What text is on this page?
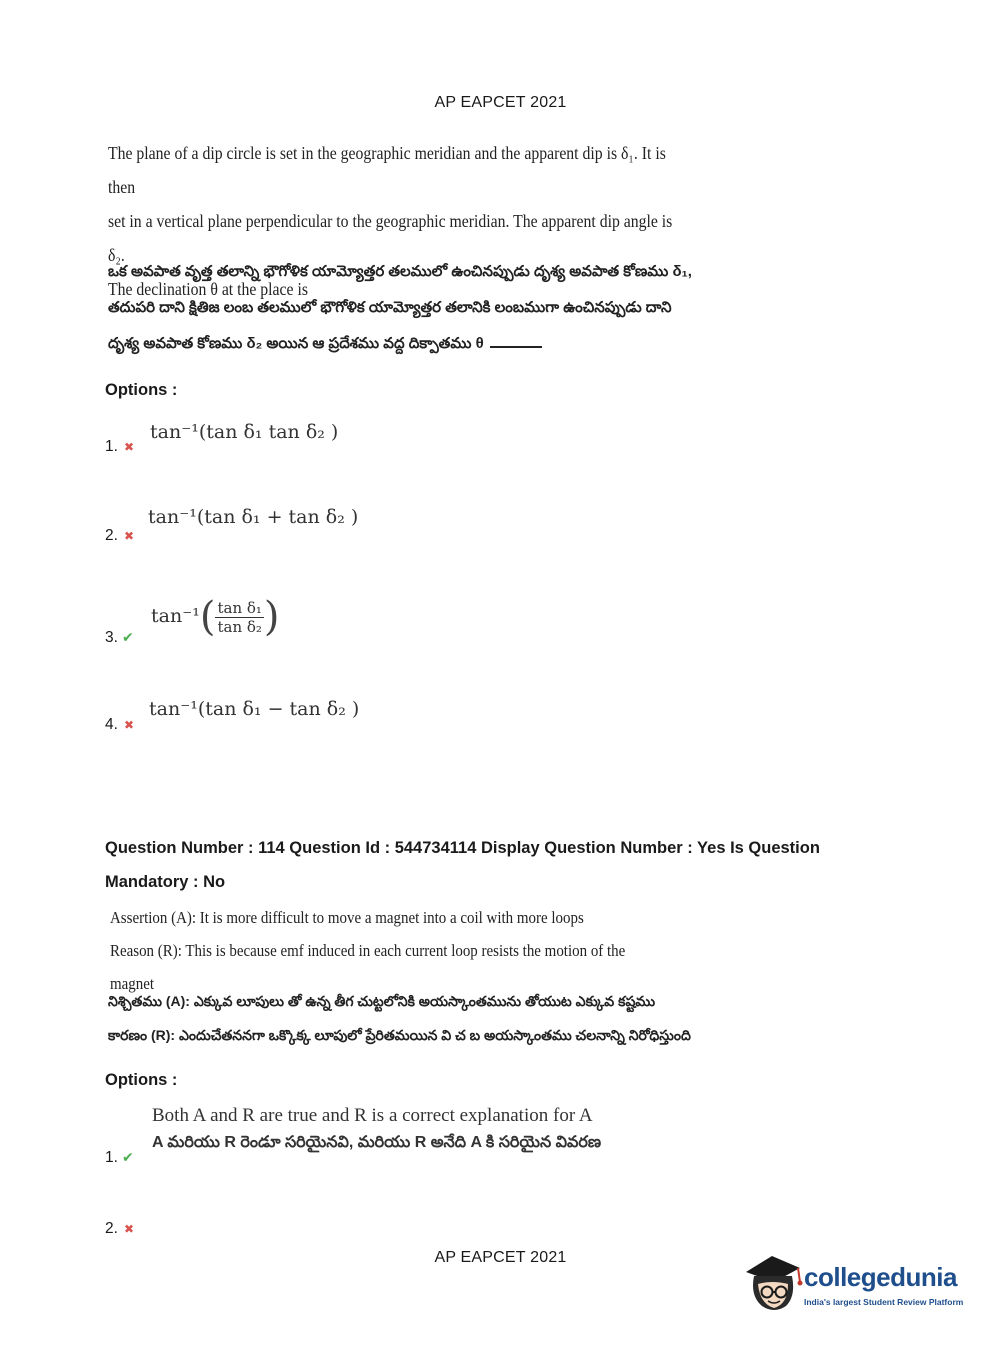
AP EAPCET 2021
The plane of a dip circle is set in the geographic meridian and the apparent dip is δ₁. It is then
set in a vertical plane perpendicular to the geographic meridian. The apparent dip angle is δ₂.
The declination θ at the place is
ఒక అవపాత వృత్త తలాన్ని భౌగోళిక యామ్యోత్తర తలములో ఉంచినప్పుడు దృశ్య అవపాత కోణము δ₁,
తదుపరి దాని క్షితిజ లంబ తలములో భౌగోళిక యామ్యోత్తర తలానికి లంబముగా ఉంచినప్పుడు దాని
దృశ్య అవపాత కోణము δ₂ అయిన ఆ ప్రదేశము వద్ద దిక్పాతము θ
Options :
tan⁻¹(tan δ₁ tan δ₂ )
1. ✖
tan⁻¹(tan δ₁ + tan δ₂ )
2. ✖
$\tan^{-1}( \frac{\text{tan δ₁}}{\text{tan δ₂}}$ )
3. ✔
tan⁻¹(tan δ₁ − tan δ₂ )
4. ✖
Question Number : 114 Question Id : 544734114 Display Question Number : Yes Is Question
Mandatory : No
Assertion (A): It is more difficult to move a magnet into a coil with more loops
Reason (R): This is because emf induced in each current loop resists the motion of the magnet
నిశ్చితము (A): ఎక్కువ లూపులు తో ఉన్న తీగ చుట్టలోనికి అయస్కాంతమును తోయుట ఎక్కువ కష్టము
కారణం (R): ఎందుచేతననగా ఒక్కొక్క లూపులో ప్రేరితమయిన వి చ బ అయస్కాంతము చలనాన్ని నిరోధిస్తుంది
Options :
Both A and R are true and R is a correct explanation for A
A మరియు R రెండూ సరియైనవి, మరియు R అనేది A కి సరియైన వివరణ
1. ✔
2. ✖
AP EAPCET 2021
collegedunia
India's largest Student Review Platform
